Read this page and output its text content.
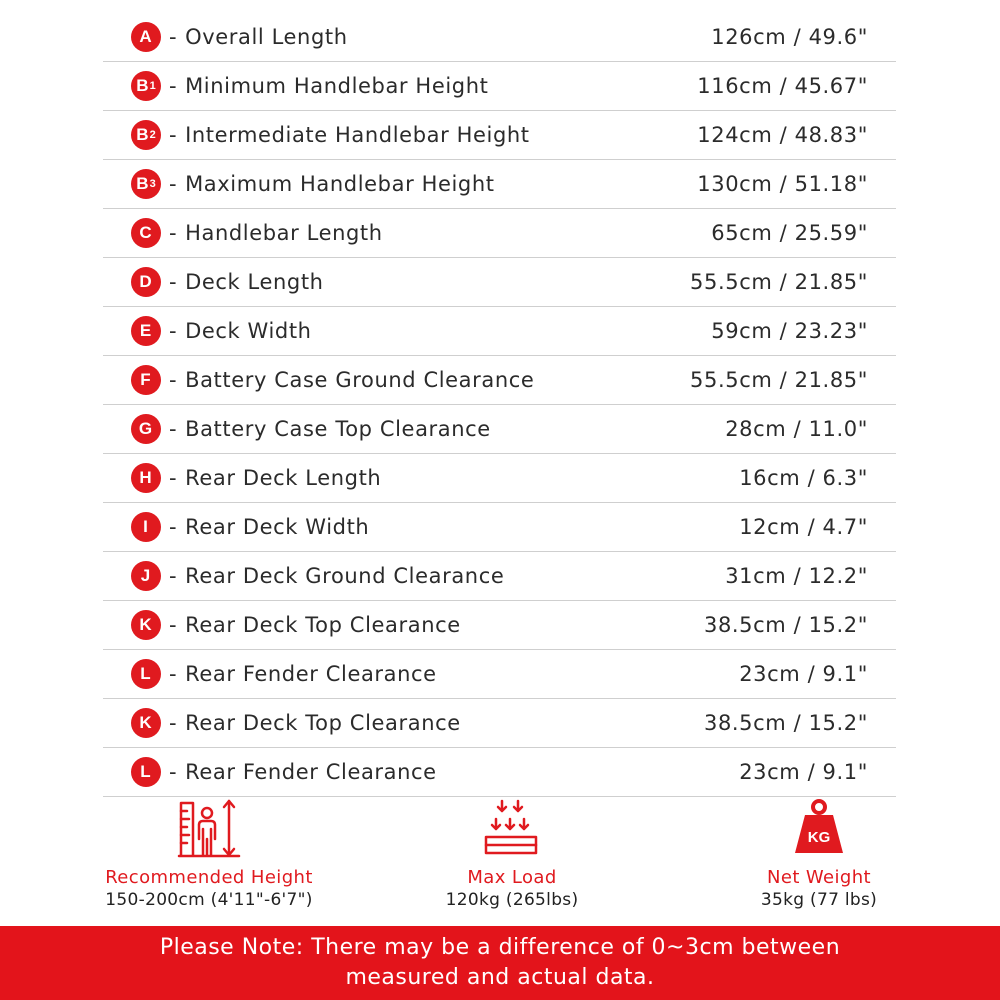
A - Overall Length	126cm / 49.6"
B 1 - Minimum Handlebar Height	116cm / 45.67"
B 2 - Intermediate Handlebar Height	124cm / 48.83"
B 3 - Maximum Handlebar Height	130cm / 51.18"
C - Handlebar Length	65cm / 25.59"
D - Deck Length	55.5cm / 21.85"
E - Deck Width	59cm / 23.23"
F - Battery Case Ground Clearance	55.5cm / 21.85"
G - Battery Case Top Clearance	28cm / 11.0"
H - Rear Deck Length	16cm / 6.3"
I - Rear Deck Width	12cm / 4.7"
J - Rear Deck Ground Clearance	31cm / 12.2"
K - Rear Deck Top Clearance	38.5cm / 15.2"
L - Rear Fender Clearance	23cm / 9.1"
K - Rear Deck Top Clearance	38.5cm / 15.2"
L - Rear Fender Clearance	23cm / 9.1"
Recommended Height
150-200cm (4'11"-6'7")
Max Load
120kg (265lbs)
KG
Net Weight
35kg (77 lbs)
Please Note: There may be a difference of 0~3cm between
measured and actual data.
